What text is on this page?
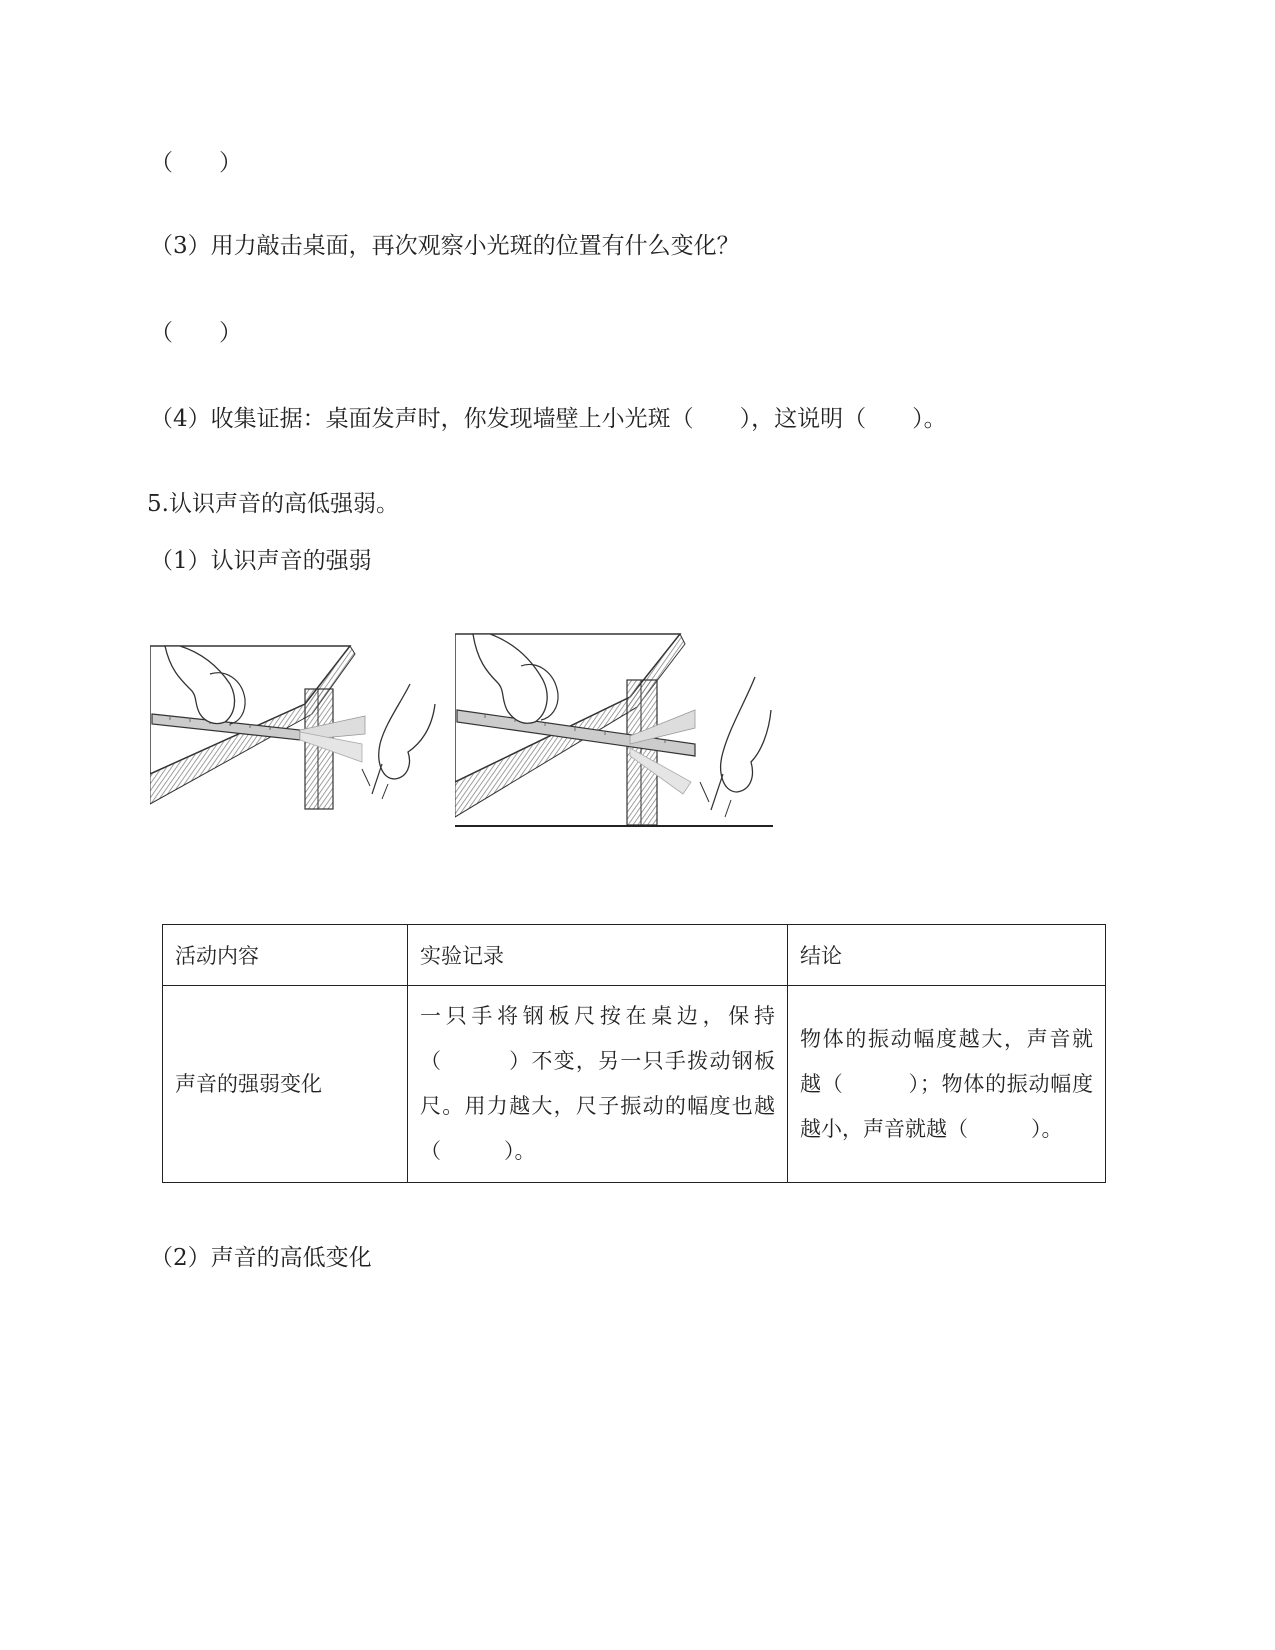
（　　）
（3）用力敲击桌面，再次观察小光斑的位置有什么变化？
（　　）
（4）收集证据：桌面发声时，你发现墙壁上小光斑（　　），这说明（　　）。
5.认识声音的高低强弱。
（1）认识声音的强弱
活动内容	实验记录	结论
声音的强弱变化	一只手将钢板尺按在桌边，保持（　　　）不变，另一只手拨动钢板尺。用力越大，尺子振动的幅度也越（　　　）。	物体的振动幅度越大，声音就越（　　　）；物体的振动幅度越小，声音就越（　　　）。
（2）声音的高低变化
